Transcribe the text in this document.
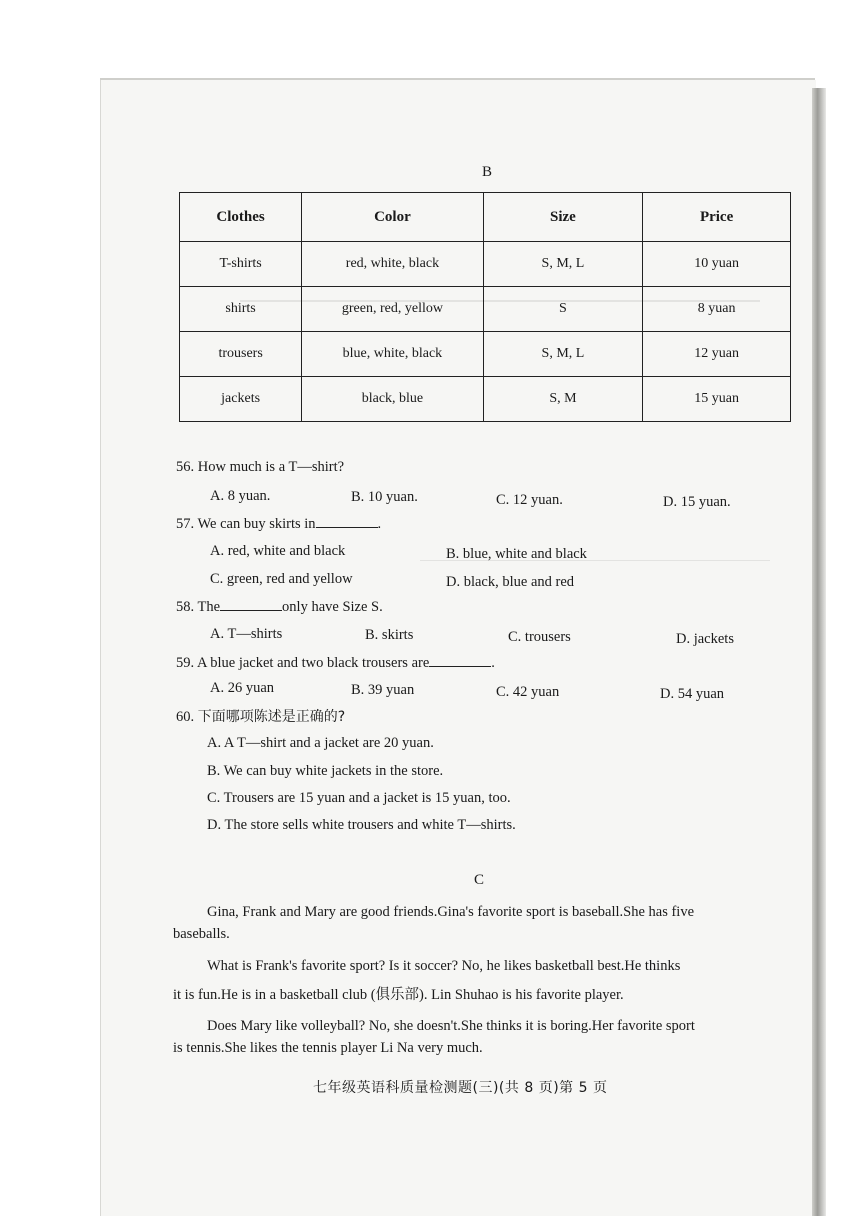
B
Clothes	Color	Size	Price
T-shirts	red, white, black	S, M, L	10 yuan
shirts	green, red, yellow	S	8 yuan
trousers	blue, white, black	S, M, L	12 yuan
jackets	black, blue	S, M	15 yuan
56. How much is a T—shirt?
A. 8 yuan.	B. 10 yuan.	C. 12 yuan.	D. 15 yuan.
57. We can buy skirts in	.
A. red, white and black	B. blue, white and black
C. green, red and yellow	D. black, blue and red
58. The	only have Size S.
A. T—shirts	B. skirts	C. trousers	D. jackets
59. A blue jacket and two black trousers are	.
A. 26 yuan	B. 39 yuan	C. 42 yuan	D. 54 yuan
60. 下面哪项陈述是正确的?
A. A T—shirt and a jacket are 20 yuan.
B. We can buy white jackets in the store.
C. Trousers are 15 yuan and a jacket is 15 yuan, too.
D. The store sells white trousers and white T—shirts.
C
Gina, Frank and Mary are good friends.Gina's favorite sport is baseball.She has five
baseballs.
What is Frank's favorite sport? Is it soccer? No, he likes basketball best.He thinks
it is fun.He is in a basketball club (俱乐部). Lin Shuhao is his favorite player.
Does Mary like volleyball? No, she doesn't.She thinks it is boring.Her favorite sport
is tennis.She likes the tennis player Li Na very much.
七年级英语科质量检测题(三)(共 8 页)第 5 页
